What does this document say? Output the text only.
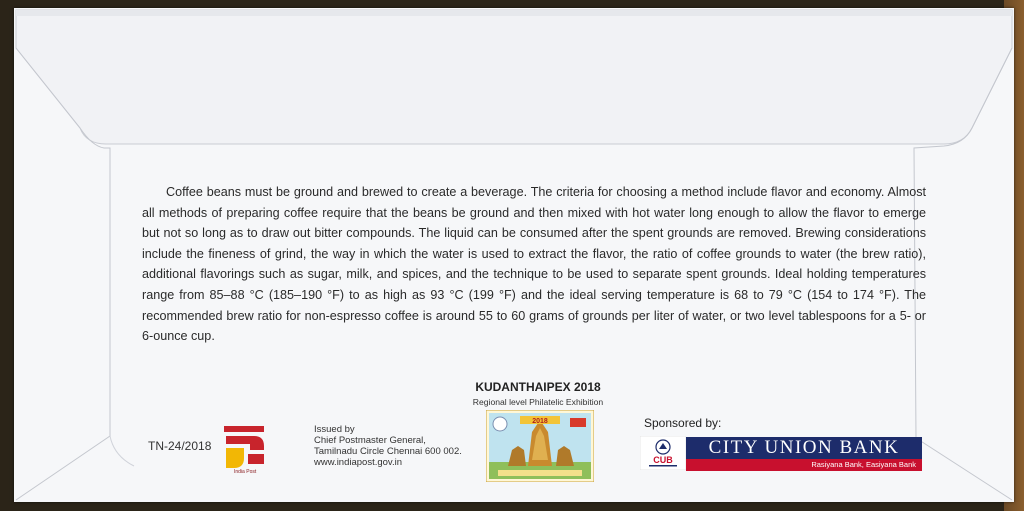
Coffee beans must be ground and brewed to create a beverage. The criteria for choosing a method include flavor and economy. Almost all methods of preparing coffee require that the beans be ground and then mixed with hot water long enough to allow the flavor to emerge but not so long as to draw out bitter compounds. The liquid can be consumed after the spent grounds are removed. Brewing considerations include the fineness of grind, the way in which the water is used to extract the flavor, the ratio of coffee grounds to water (the brew ratio), additional flavorings such as sugar, milk, and spices, and the technique to be used to separate spent grounds. Ideal holding temperatures range from 85–88 °C (185–190 °F) to as high as 93 °C (199 °F) and the ideal serving temperature is 68 to 79 °C (154 to 174 °F). The recommended brew ratio for non-espresso coffee is around 55 to 60 grams of grounds per liter of water, or two level tablespoons for a 5- or 6-ounce cup.

TN-24/2018
India Post
Issued by
Chief Postmaster General,
Tamilnadu Circle Chennai 600 002.
www.indiapost.gov.in
KUDANTHAIPEX 2018
Regional level Philatelic Exhibition
2018	Sponsored by:
CUB
CITY UNION BANK
Rasiyana Bank, Easiyana Bank
